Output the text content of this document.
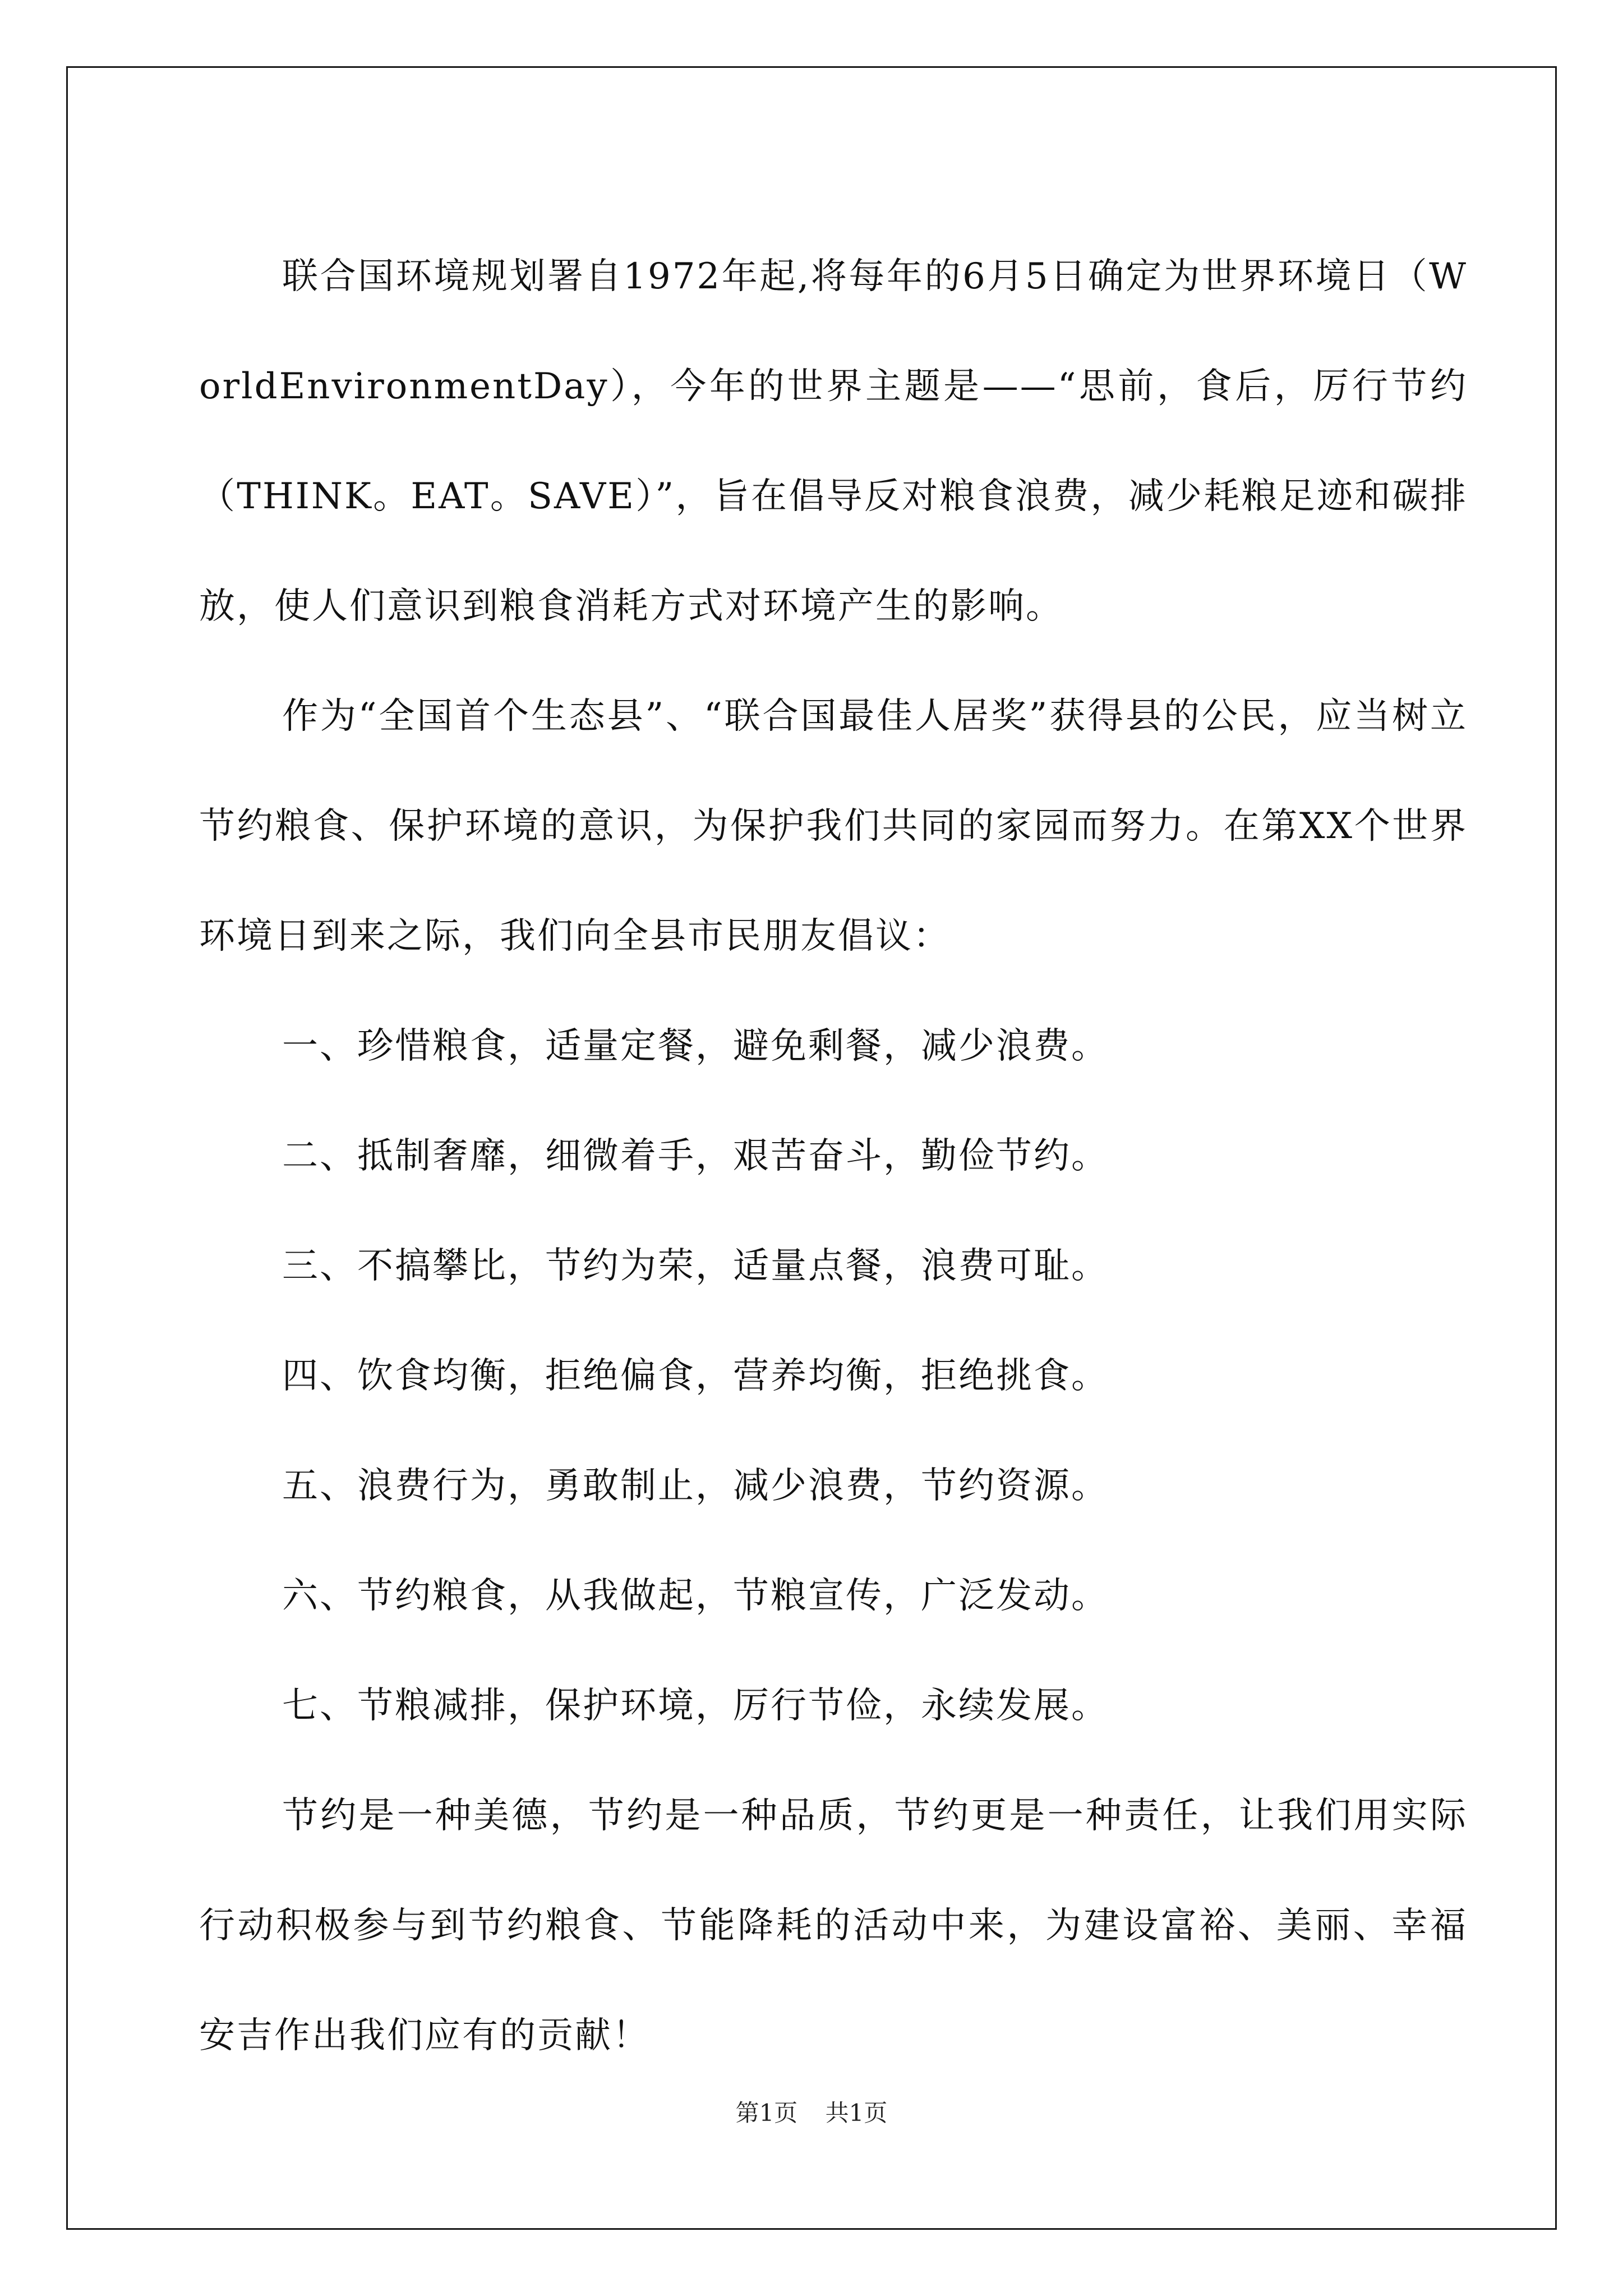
联合国环境规划署自1972年起,将每年的6月5日确定为世界环境日（WorldEnvironmentDay），今年的世界主题是——“思前，食后，厉行节约（THINK。EAT。SAVE）”，旨在倡导反对粮食浪费，减少耗粮足迹和碳排放，使人们意识到粮食消耗方式对环境产生的影响。

作为“全国首个生态县”、“联合国最佳人居奖”获得县的公民，应当树立节约粮食、保护环境的意识，为保护我们共同的家园而努力。在第XX个世界环境日到来之际，我们向全县市民朋友倡议：

一、珍惜粮食，适量定餐，避免剩餐，减少浪费。

二、抵制奢靡，细微着手，艰苦奋斗，勤俭节约。

三、不搞攀比，节约为荣，适量点餐，浪费可耻。

四、饮食均衡，拒绝偏食，营养均衡，拒绝挑食。

五、浪费行为，勇敢制止，减少浪费，节约资源。

六、节约粮食，从我做起，节粮宣传，广泛发动。

七、节粮减排，保护环境，厉行节俭，永续发展。

节约是一种美德，节约是一种品质，节约更是一种责任，让我们用实际行动积极参与到节约粮食、节能降耗的活动中来，为建设富裕、美丽、幸福安吉作出我们应有的贡献！

第1页 共1页
